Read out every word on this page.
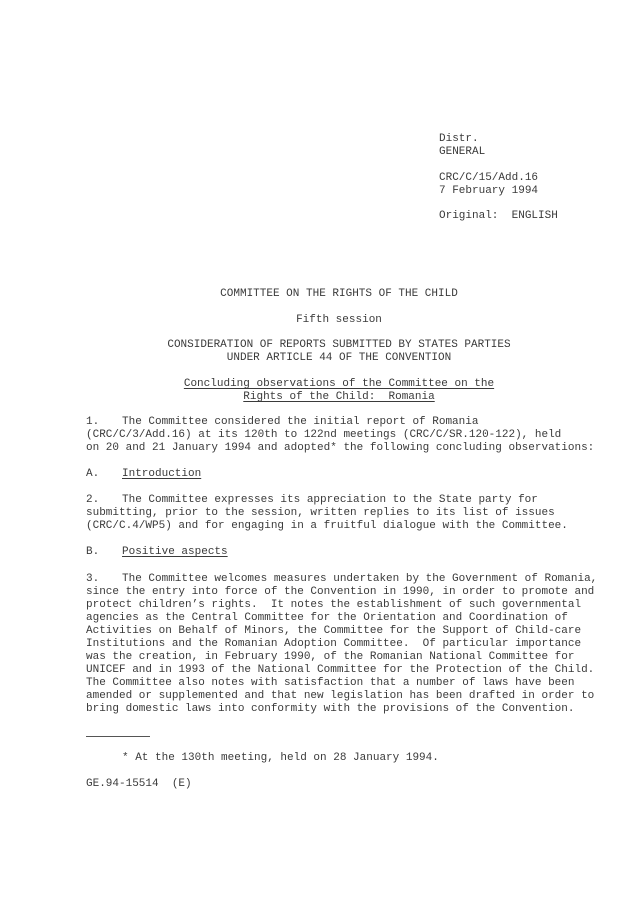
Distr.
GENERAL
CRC/C/15/Add.16
7 February 1994
Original: ENGLISH
COMMITTEE ON THE RIGHTS OF THE CHILD
Fifth session
CONSIDERATION OF REPORTS SUBMITTED BY STATES PARTIES
UNDER ARTICLE 44 OF THE CONVENTION
Concluding observations of the Committee on the
Rights of the Child:  Romania
1. The Committee considered the initial report of Romania
(CRC/C/3/Add.16) at its 120th to 122nd meetings (CRC/C/SR.120-122), held
on 20 and 21 January 1994 and adopted* the following concluding observations:
A. Introduction
2. The Committee expresses its appreciation to the State party for
submitting, prior to the session, written replies to its list of issues
(CRC/C.4/WP5) and for engaging in a fruitful dialogue with the Committee.
B. Positive aspects
3. The Committee welcomes measures undertaken by the Government of Romania,
since the entry into force of the Convention in 1990, in order to promote and
protect children’s rights.  It notes the establishment of such governmental
agencies as the Central Committee for the Orientation and Coordination of
Activities on Behalf of Minors, the Committee for the Support of Child-care
Institutions and the Romanian Adoption Committee.  Of particular importance
was the creation, in February 1990, of the Romanian National Committee for
UNICEF and in 1993 of the National Committee for the Protection of the Child.
The Committee also notes with satisfaction that a number of laws have been
amended or supplemented and that new legislation has been drafted in order to
bring domestic laws into conformity with the provisions of the Convention.
* At the 130th meeting, held on 28 January 1994.
GE.94-15514  (E)
